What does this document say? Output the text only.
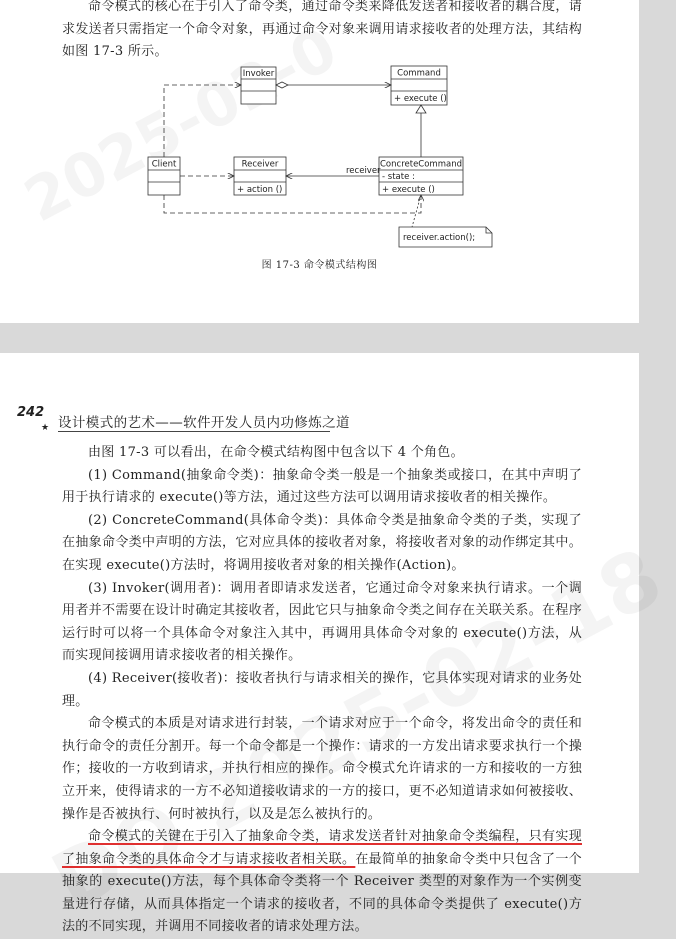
命令模式的核心在于引入了命令类，通过命令类来降低发送者和接收者的耦合度，请求发送者只需指定一个命令对象，再通过命令对象来调用请求接收者的处理方法，其结构如图 17-3 所示。

Invoker	Command
+ execute ()
Client	Receiver
+ action ()
ConcreteCommand
- state :
+ execute ()
receiver
receiver.action();
图 17-3 命令模式结构图
242
★ 设计模式的艺术——软件开发人员内功修炼之道

由图 17-3 可以看出，在命令模式结构图中包含以下 4 个角色。

(1) Command(抽象命令类)：抽象命令类一般是一个抽象类或接口，在其中声明了用于执行请求的 execute()等方法，通过这些方法可以调用请求接收者的相关操作。

(2) ConcreteCommand(具体命令类)：具体命令类是抽象命令类的子类，实现了在抽象命令类中声明的方法，它对应具体的接收者对象，将接收者对象的动作绑定其中。在实现 execute()方法时，将调用接收者对象的相关操作(Action)。

(3) Invoker(调用者)：调用者即请求发送者，它通过命令对象来执行请求。一个调用者并不需要在设计时确定其接收者，因此它只与抽象命令类之间存在关联关系。在程序运行时可以将一个具体命令对象注入其中，再调用具体命令对象的 execute()方法，从而实现间接调用请求接收者的相关操作。

(4) Receiver(接收者)：接收者执行与请求相关的操作，它具体实现对请求的业务处理。

命令模式的本质是对请求进行封装，一个请求对应于一个命令，将发出命令的责任和执行命令的责任分割开。每一个命令都是一个操作：请求的一方发出请求要求执行一个操作；接收的一方收到请求，并执行相应的操作。命令模式允许请求的一方和接收的一方独立开来，使得请求的一方不必知道接收请求的一方的接口，更不必知道请求如何被接收、操作是否被执行、何时被执行，以及是怎么被执行的。

命令模式的关键在于引入了抽象命令类，请求发送者针对抽象命令类编程，只有实现了抽象命令类的具体命令才与请求接收者相关联。在最简单的抽象命令类中只包含了一个抽象的 execute()方法，每个具体命令类将一个 Receiver 类型的对象作为一个实例变量进行存储，从而具体指定一个请求的接收者，不同的具体命令类提供了 execute()方法的不同实现，并调用不同接收者的请求处理方法。
